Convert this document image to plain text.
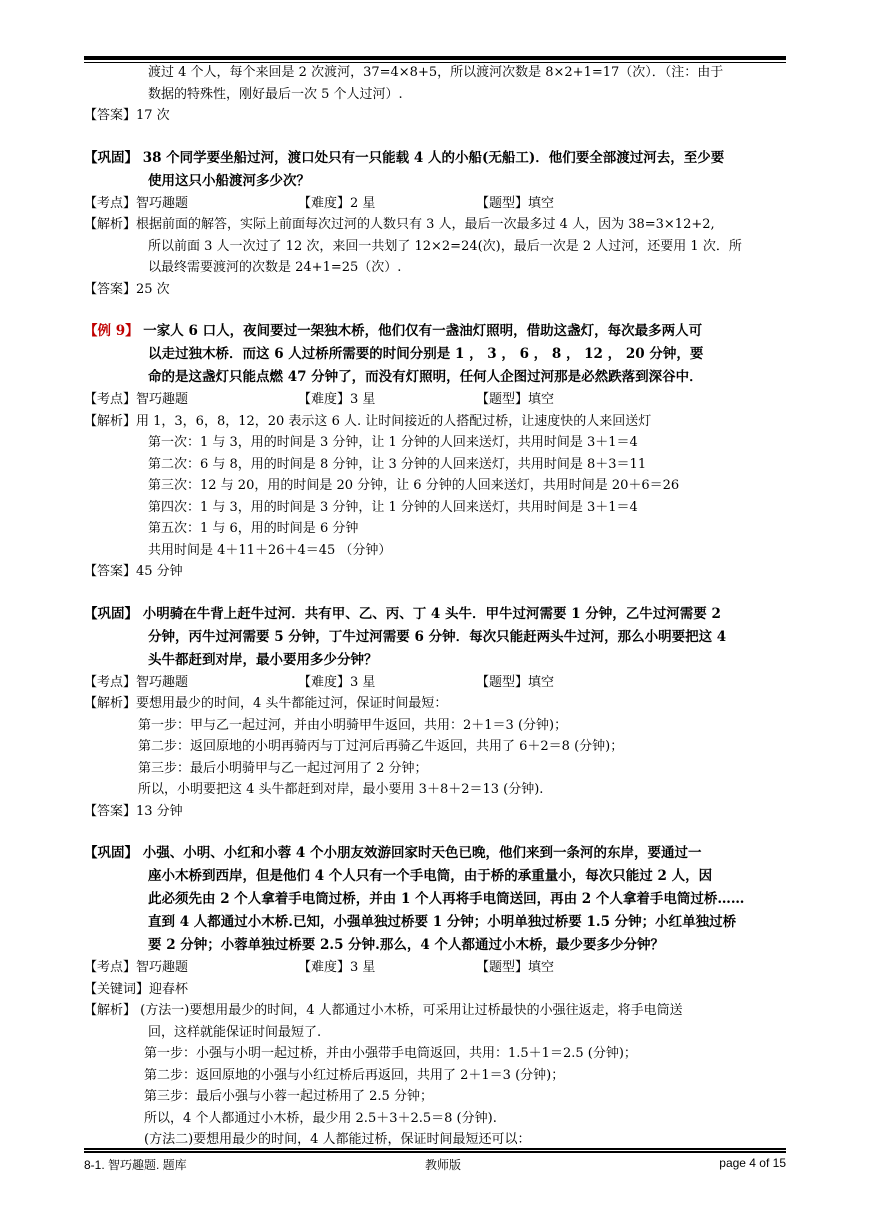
渡过 4 个人，每个来回是 2 次渡河，37=4×8+5，所以渡河次数是 8×2+1=17（次）．（注：由于
数据的特殊性，刚好最后一次 5 个人过河）.
【答案】17 次
【巩固】 38 个同学要坐船过河，渡口处只有一只能载 4 人的小船(无船工)．他们要全部渡过河去，至少要
使用这只小船渡河多少次？
【考点】智巧趣题	【难度】2 星	【题型】填空
【解析】根据前面的解答，实际上前面每次过河的人数只有 3 人，最后一次最多过 4 人，因为 38=3×12+2,
所以前面 3 人一次过了 12 次，来回一共划了 12×2=24(次)，最后一次是 2 人过河，还要用 1 次．所
以最终需要渡河的次数是 24+1=25（次）.
【答案】25 次
【例 9】 一家人 6 口人，夜间要过一架独木桥，他们仅有一盏油灯照明，借助这盏灯，每次最多两人可
以走过独木桥．而这 6 人过桥所需要的时间分别是 1 ， 3 ， 6 ， 8 ， 12 ， 20 分钟，要
命的是这盏灯只能点燃 47 分钟了，而没有灯照明，任何人企图过河那是必然跌落到深谷中．
【考点】智巧趣题	【难度】3 星	【题型】填空
【解析】用 1，3，6，8，12，20 表示这 6 人. 让时间接近的人搭配过桥，让速度快的人来回送灯
第一次：1 与 3，用的时间是 3 分钟，让 1 分钟的人回来送灯，共用时间是 3＋1＝4
第二次：6 与 8，用的时间是 8 分钟，让 3 分钟的人回来送灯，共用时间是 8＋3＝11
第三次：12 与 20，用的时间是 20 分钟，让 6 分钟的人回来送灯，共用时间是 20＋6＝26
第四次：1 与 3，用的时间是 3 分钟，让 1 分钟的人回来送灯，共用时间是 3＋1＝4
第五次：1 与 6，用的时间是 6 分钟
共用时间是 4＋11＋26＋4＝45 （分钟）
【答案】45 分钟
【巩固】 小明骑在牛背上赶牛过河．共有甲、乙、丙、丁 4 头牛．甲牛过河需要 1 分钟，乙牛过河需要 2
分钟，丙牛过河需要 5 分钟，丁牛过河需要 6 分钟．每次只能赶两头牛过河，那么小明要把这 4
头牛都赶到对岸，最小要用多少分钟？
【考点】智巧趣题	【难度】3 星	【题型】填空
【解析】要想用最少的时间，4 头牛都能过河，保证时间最短：
第一步：甲与乙一起过河，并由小明骑甲牛返回，共用：2＋1＝3 (分钟)；
第二步：返回原地的小明再骑丙与丁过河后再骑乙牛返回，共用了 6＋2＝8 (分钟)；
第三步：最后小明骑甲与乙一起过河用了 2 分钟；
所以，小明要把这 4 头牛都赶到对岸，最小要用 3＋8＋2＝13 (分钟).
【答案】13 分钟
【巩固】 小强、小明、小红和小蓉 4 个小朋友效游回家时天色已晚，他们来到一条河的东岸，要通过一
座小木桥到西岸，但是他们 4 个人只有一个手电筒，由于桥的承重量小，每次只能过 2 人，因
此必须先由 2 个人拿着手电筒过桥，并由 1 个人再将手电筒送回，再由 2 个人拿着手电筒过桥……
直到 4 人都通过小木桥.已知，小强单独过桥要 1 分钟；小明单独过桥要 1.5 分钟；小红单独过桥
要 2 分钟；小蓉单独过桥要 2.5 分钟.那么，4 个人都通过小木桥，最少要多少分钟？
【考点】智巧趣题	【难度】3 星	【题型】填空
【关键词】迎春杯
【解析】 (方法一)要想用最少的时间，4 人都通过小木桥，可采用让过桥最快的小强往返走，将手电筒送
回，这样就能保证时间最短了.
第一步：小强与小明一起过桥，并由小强带手电筒返回，共用：1.5＋1＝2.5 (分钟)；
第二步：返回原地的小强与小红过桥后再返回，共用了 2＋1＝3 (分钟)；
第三步：最后小强与小蓉一起过桥用了 2.5 分钟；
所以，4 个人都通过小木桥，最少用 2.5＋3＋2.5＝8 (分钟).
(方法二)要想用最少的时间，4 人都能过桥，保证时间最短还可以：
8-1. 智巧趣题. 题库	教师版	page 4 of 15
